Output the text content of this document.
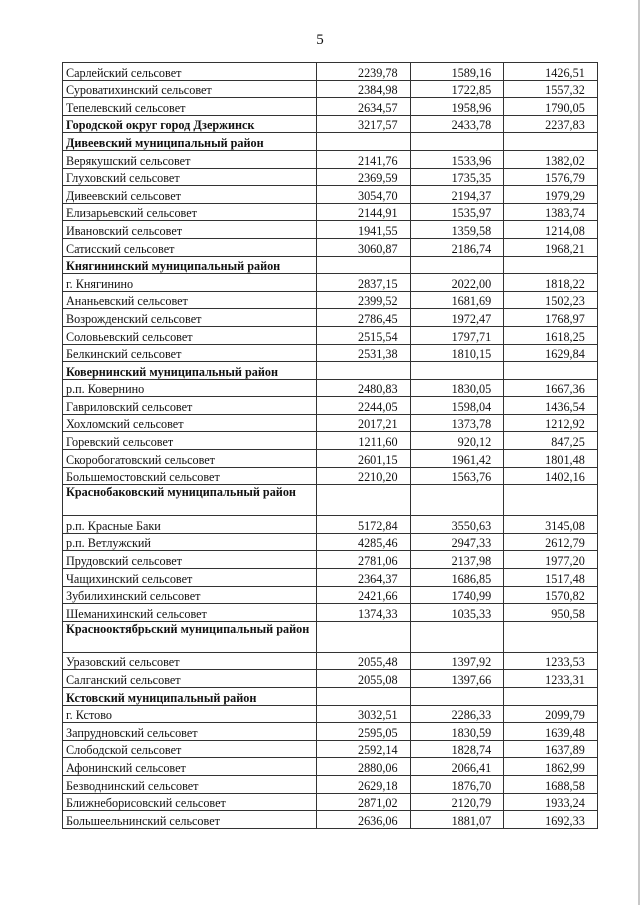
5
Сарлейский сельсовет	2239,78	1589,16	1426,51
Суроватихинский сельсовет	2384,98	1722,85	1557,32
Тепелевский сельсовет	2634,57	1958,96	1790,05
Городской округ город Дзержинск	3217,57	2433,78	2237,83
Дивеевский муниципальный район			
Верякушский сельсовет	2141,76	1533,96	1382,02
Глуховский сельсовет	2369,59	1735,35	1576,79
Дивеевский сельсовет	3054,70	2194,37	1979,29
Елизарьевский сельсовет	2144,91	1535,97	1383,74
Ивановский сельсовет	1941,55	1359,58	1214,08
Сатисский сельсовет	3060,87	2186,74	1968,21
Княгининский муниципальный район			
г. Княгинино	2837,15	2022,00	1818,22
Ананьевский сельсовет	2399,52	1681,69	1502,23
Возрожденский сельсовет	2786,45	1972,47	1768,97
Соловьевский сельсовет	2515,54	1797,71	1618,25
Белкинский сельсовет	2531,38	1810,15	1629,84
Ковернинский муниципальный район			
р.п. Ковернино	2480,83	1830,05	1667,36
Гавриловский сельсовет	2244,05	1598,04	1436,54
Хохломский сельсовет	2017,21	1373,78	1212,92
Горевский сельсовет	1211,60	920,12	847,25
Скоробогатовский сельсовет	2601,15	1961,42	1801,48
Большемостовский сельсовет	2210,20	1563,76	1402,16
Краснобаковский муниципальный район			
р.п. Красные Баки	5172,84	3550,63	3145,08
р.п. Ветлужский	4285,46	2947,33	2612,79
Прудовский сельсовет	2781,06	2137,98	1977,20
Чащихинский сельсовет	2364,37	1686,85	1517,48
Зубилихинский сельсовет	2421,66	1740,99	1570,82
Шеманихинский сельсовет	1374,33	1035,33	950,58
Краснооктябрьский муниципальный район			
Уразовский сельсовет	2055,48	1397,92	1233,53
Салганский сельсовет	2055,08	1397,66	1233,31
Кстовский муниципальный район			
г. Кстово	3032,51	2286,33	2099,79
Запрудновский сельсовет	2595,05	1830,59	1639,48
Слободской сельсовет	2592,14	1828,74	1637,89
Афонинский сельсовет	2880,06	2066,41	1862,99
Безводнинский сельсовет	2629,18	1876,70	1688,58
Ближнеборисовский сельсовет	2871,02	2120,79	1933,24
Большеельнинский сельсовет	2636,06	1881,07	1692,33
